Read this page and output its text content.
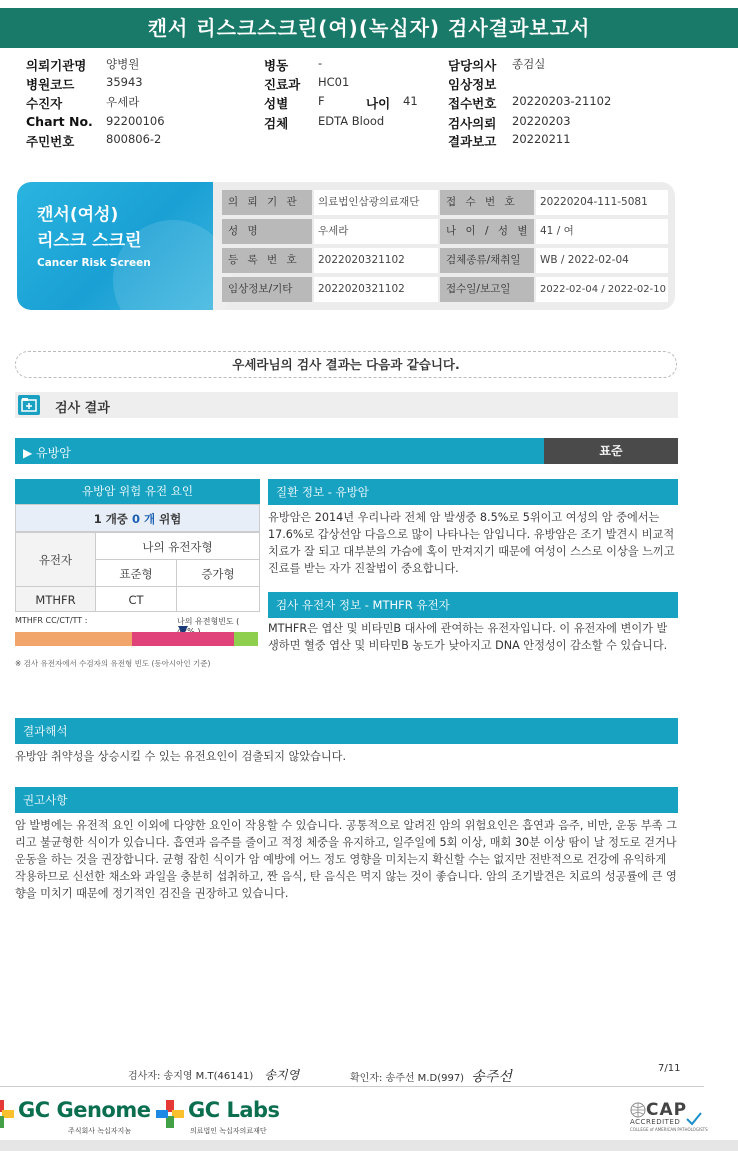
캔서 리스크스크린(여)(녹십자) 검사결과보고서
의뢰기관명 양병원	병동	-	담당의사 종검실
병원코드	35943	진료과 HC01	임상정보
수진자	우세라	성별	F	나이 41 접수번호 20220203-21102
Chart No. 92200106	검체	EDTA Blood	검사의뢰 20220203
주민번호	800806-2	결과보고 20220211
캔서(여성)
리스크 스크린
Cancer Risk Screen
의 뢰 기 관	의료법인삼광의료재단	접 수 번 호	20220204-111-5081
성 명	우세라	나 이 / 성 별 41 / 여
등 록 번 호	2022020321102	검체종류/채취일	WB / 2022-02-04
임상정보/기타	2022020321102	접수일/보고일	2022-02-04 / 2022-02-10
우세라님의 검사 결과는 다음과 같습니다.
검사 결과
▶ 유방암	표준
유방암 위험 유전 요인
1 개중 0 개 위험
유전자
나의 유전자형
표준형	증가형
MTHFR	CT
MTHFR CC/CT/TT :	나의 유전형빈도 (
※ 검사 유전자에서 수검자의 유전형 빈도 (동아시아인 기준)
질환 정보 - 유방암
유방암은 2014년 우리나라 전체 암 발생중 8.5%로 5위이고 여성의 암 중에서는 17.6%로 갑상선암 다음으로 많이 나타나는 암입니다. 유방암은 조기 발견시 비교적 치료가 잘 되고 대부분의 가슴에 혹이 만져지기 때문에 여성이 스스로 이상을 느끼고 진료를 받는 자가 진찰법이 중요합니다.
검사 유전자 정보 - MTHFR 유전자
MTHFR은 엽산 및 비타민B 대사에 관여하는 유전자입니다. 이 유전자에 변이가 발생하면 혈중 엽산 및 비타민B 농도가 낮아지고 DNA 안정성이 감소할 수 있습니다.
결과해석
유방암 취약성을 상승시킬 수 있는 유전요인이 검출되지 않았습니다.
권고사항
암 발병에는 유전적 요인 이외에 다양한 요인이 작용할 수 있습니다. 공통적으로 알려진 암의 위험요인은 흡연과 음주, 비만, 운동 부족 그리고 불균형한 식이가 있습니다. 흡연과 음주를 줄이고 적정 체중을 유지하고, 일주일에 5회 이상, 매회 30분 이상 땀이 날 정도로 걷거나 운동을 하는 것을 권장합니다. 균형 잡힌 식이가 암 예방에 어느 정도 영향을 미치는지 확신할 수는 없지만 전반적으로 건강에 유익하게 작용하므로 신선한 채소와 과일을 충분히 섭취하고, 짠 음식, 탄 음식은 먹지 않는 것이 좋습니다. 암의 조기발견은 치료의 성공률에 큰 영향을 미치기 때문에 정기적인 검진을 권장하고 있습니다.
검사자: 송지영 M.T(46141) 송지영	확인자: 송주선 M.D(997) 송주선
7/11
GC Genome
주식회사 녹십자지놈
GC Labs
의료법인 녹십자의료재단
CAP
ACCREDITED
COLLEGE of AMERICAN PATHOLOGISTS
